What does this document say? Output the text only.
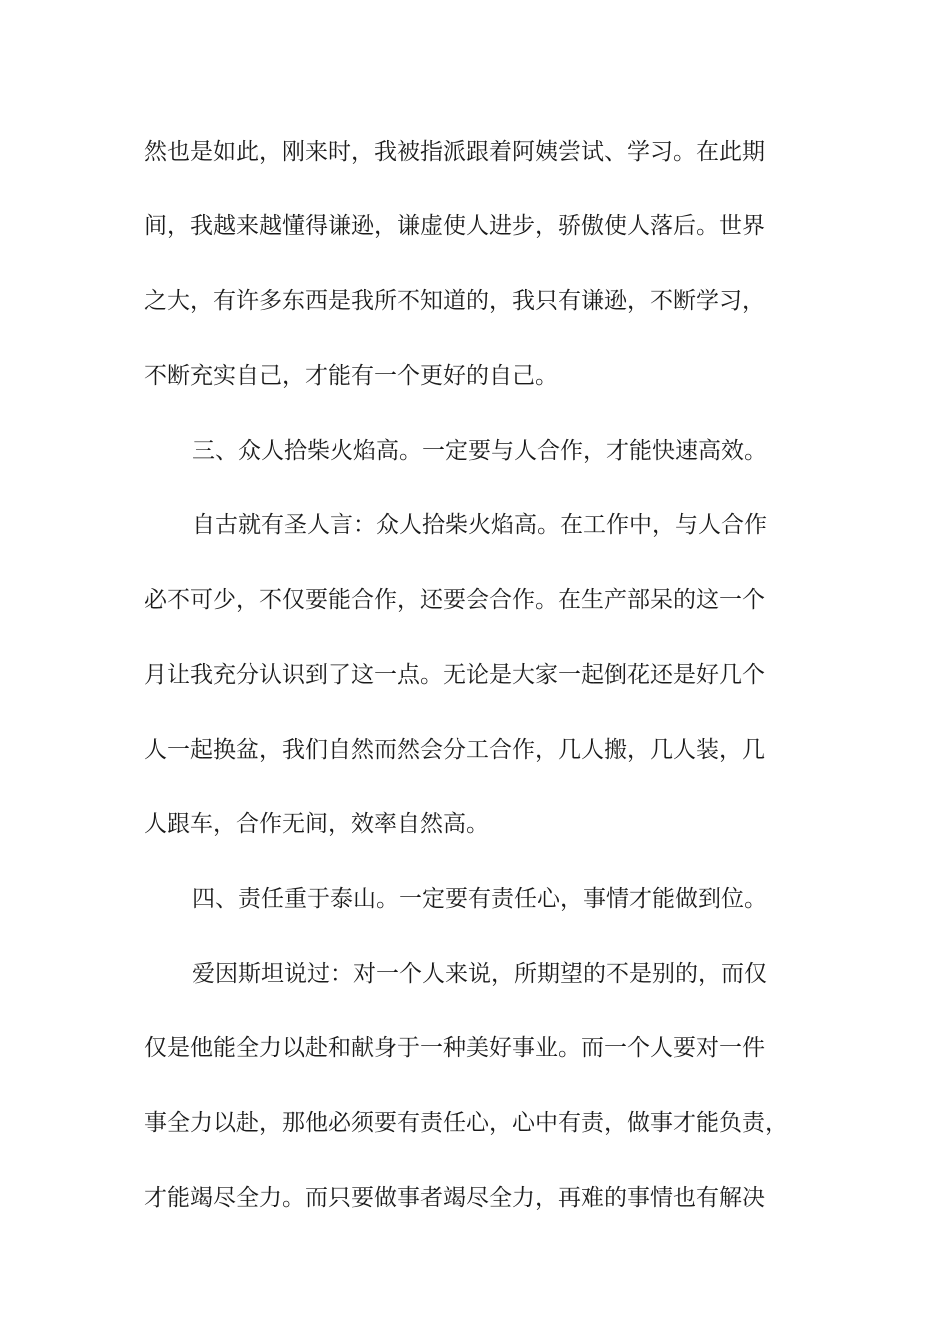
然也是如此，刚来时，我被指派跟着阿姨尝试、学习。在此期
间，我越来越懂得谦逊，谦虚使人进步，骄傲使人落后。世界
之大，有许多东西是我所不知道的，我只有谦逊，不断学习，
不断充实自己，才能有一个更好的自己。
三、众人拾柴火焰高。一定要与人合作，才能快速高效。
自古就有圣人言：众人拾柴火焰高。在工作中，与人合作
必不可少，不仅要能合作，还要会合作。在生产部呆的这一个
月让我充分认识到了这一点。无论是大家一起倒花还是好几个
人一起换盆，我们自然而然会分工合作，几人搬，几人装，几
人跟车，合作无间，效率自然高。
四、责任重于泰山。一定要有责任心，事情才能做到位。
爱因斯坦说过：对一个人来说，所期望的不是别的，而仅
仅是他能全力以赴和献身于一种美好事业。而一个人要对一件
事全力以赴，那他必须要有责任心，心中有责，做事才能负责，
才能竭尽全力。而只要做事者竭尽全力，再难的事情也有解决
